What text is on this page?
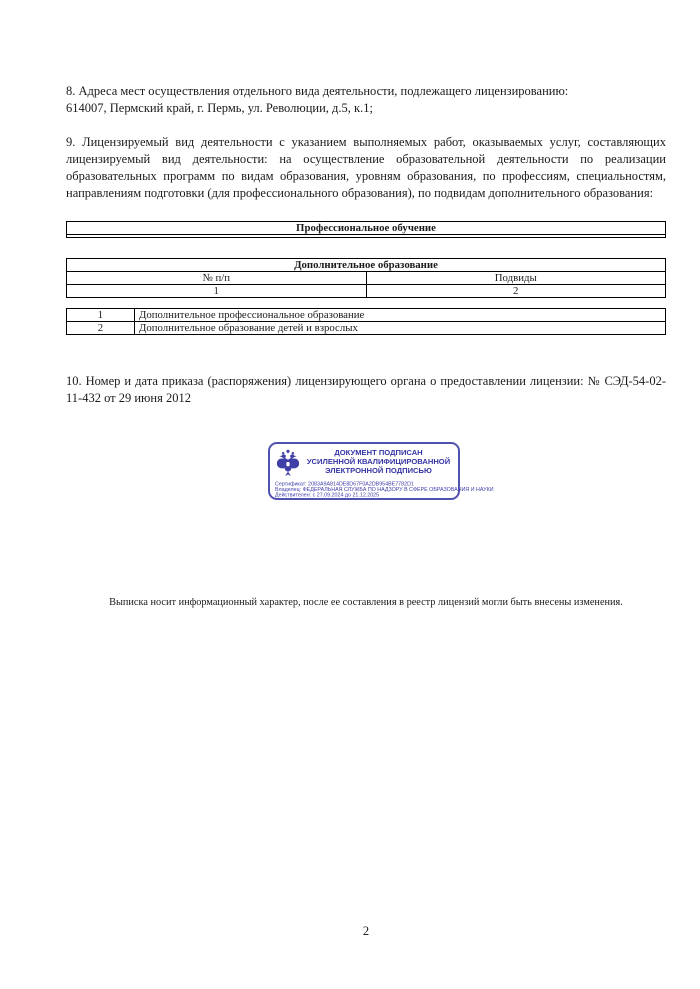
8. Адреса мест осуществления отдельного вида деятельности, подлежащего лицензированию:
614007, Пермский край, г. Пермь, ул. Революции, д.5, к.1;
9. Лицензируемый вид деятельности с указанием выполняемых работ, оказываемых услуг, составляющих лицензируемый вид деятельности: на осуществление образовательной деятельности по реализации образовательных программ по видам образования, уровням образования, по профессиям, специальностям, направлениям подготовки (для профессионального образования), по подвидам дополнительного образования:
Профессиональное обучение

Дополнительное образование	
№ п/п	Подвиды
1	2
1	Дополнительное профессиональное образование
2	Дополнительное образование детей и взрослых
10. Номер и дата приказа (распоряжения) лицензирующего органа о предоставлении лицензии: № СЭД-54-02-11-432 от 29 июня 2012
ДОКУМЕНТ ПОДПИСАН
УСИЛЕННОЙ КВАЛИФИЦИРОВАННОЙ
ЭЛЕКТРОННОЙ ПОДПИСЬЮ
Сертификат: 2083A9A814DE8D67F0A2DB954BE7782D1
Владелец: ФЕДЕРАЛЬНАЯ СЛУЖБА ПО НАДЗОРУ В СФЕРЕ ОБРАЗОВАНИЯ И НАУКИ
Действителен: с 27.09.2024 до 21.12.2025
Выписка носит информационный характер, после ее составления в реестр лицензий могли быть внесены изменения.
2
